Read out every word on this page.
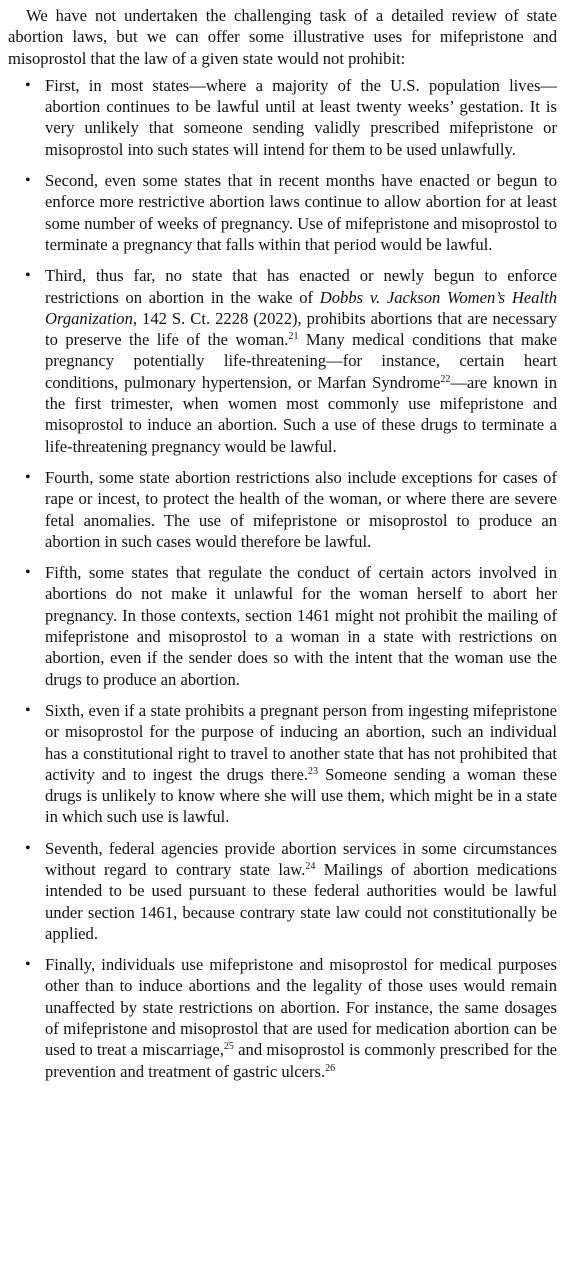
We have not undertaken the challenging task of a detailed review of state abortion laws, but we can offer some illustrative uses for mifepristone and misoprostol that the law of a given state would not prohibit:

• First, in most states—where a majority of the U.S. population lives—abortion continues to be lawful until at least twenty weeks’ gestation. It is very unlikely that someone sending validly prescribed mifepristone or misoprostol into such states will intend for them to be used unlawfully.
• Second, even some states that in recent months have enacted or begun to enforce more restrictive abortion laws continue to allow abortion for at least some number of weeks of pregnancy. Use of mifepristone and misoprostol to terminate a pregnancy that falls within that period would be lawful.
• Third, thus far, no state that has enacted or newly begun to enforce restrictions on abortion in the wake of Dobbs v. Jackson Women’s Health Organization, 142 S. Ct. 2228 (2022), prohibits abortions that are necessary to preserve the life of the woman.$^{21}$ Many medical conditions that make pregnancy potentially life-threatening—for instance, certain heart conditions, pulmonary hypertension, or Marfan Syndrome$^{22}$—are known in the first trimester, when women most commonly use mifepristone and misoprostol to induce an abortion. Such a use of these drugs to terminate a life-threatening pregnancy would be lawful.
• Fourth, some state abortion restrictions also include exceptions for cases of rape or incest, to protect the health of the woman, or where there are severe fetal anomalies. The use of mifepristone or misoprostol to produce an abortion in such cases would therefore be lawful.
• Fifth, some states that regulate the conduct of certain actors involved in abortions do not make it unlawful for the woman herself to abort her pregnancy. In those contexts, section 1461 might not prohibit the mailing of mifepristone and misoprostol to a woman in a state with restrictions on abortion, even if the sender does so with the intent that the woman use the drugs to produce an abortion.
• Sixth, even if a state prohibits a pregnant person from ingesting mifepristone or misoprostol for the purpose of inducing an abortion, such an individual has a constitutional right to travel to another state that has not prohibited that activity and to ingest the drugs there.$^{23}$ Someone sending a woman these drugs is unlikely to know where she will use them, which might be in a state in which such use is lawful.
• Seventh, federal agencies provide abortion services in some circumstances without regard to contrary state law.$^{24}$ Mailings of abortion medications intended to be used pursuant to these federal authorities would be lawful under section 1461, because contrary state law could not constitutionally be applied.
• Finally, individuals use mifepristone and misoprostol for medical purposes other than to induce abortions and the legality of those uses would remain unaffected by state restrictions on abortion. For instance, the same dosages of mifepristone and misoprostol that are used for medication abortion can be used to treat a miscarriage,$^{25}$ and misoprostol is commonly prescribed for the prevention and treatment of gastric ulcers.$^{26}$
